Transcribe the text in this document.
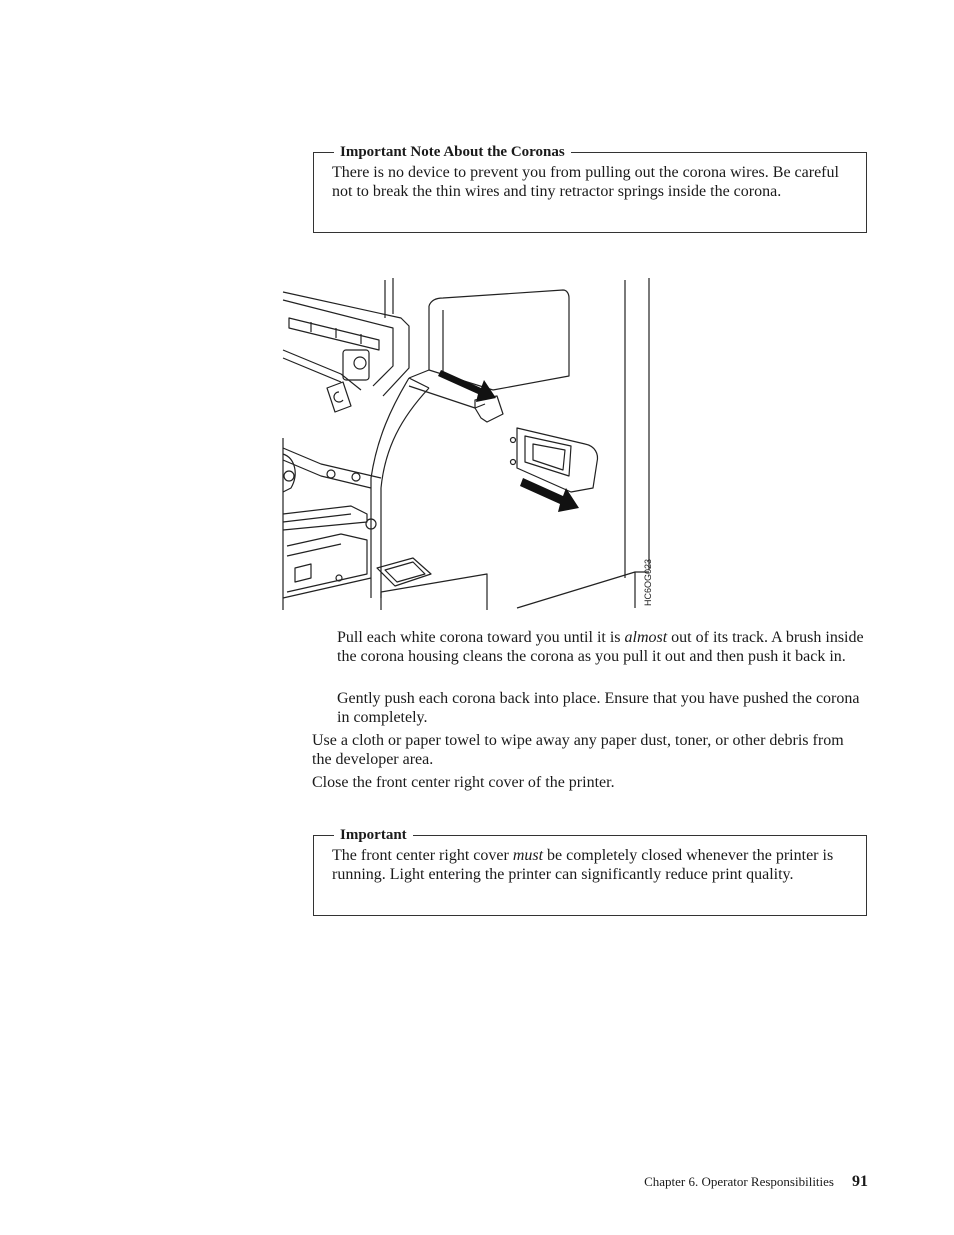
Important Note About the Coronas
There is no device to prevent you from pulling out the corona wires. Be careful not to break the thin wires and tiny retractor springs inside the corona.
HC6OG023

Pull each white corona toward you until it is almost out of its track. A brush inside the corona housing cleans the corona as you pull it out and then push it back in.

Gently push each corona back into place. Ensure that you have pushed the corona in completely.

Use a cloth or paper towel to wipe away any paper dust, toner, or other debris from the developer area.

Close the front center right cover of the printer.

Important
The front center right cover must be completely closed whenever the printer is running. Light entering the printer can significantly reduce print quality.
Chapter 6. Operator Responsibilities 91
